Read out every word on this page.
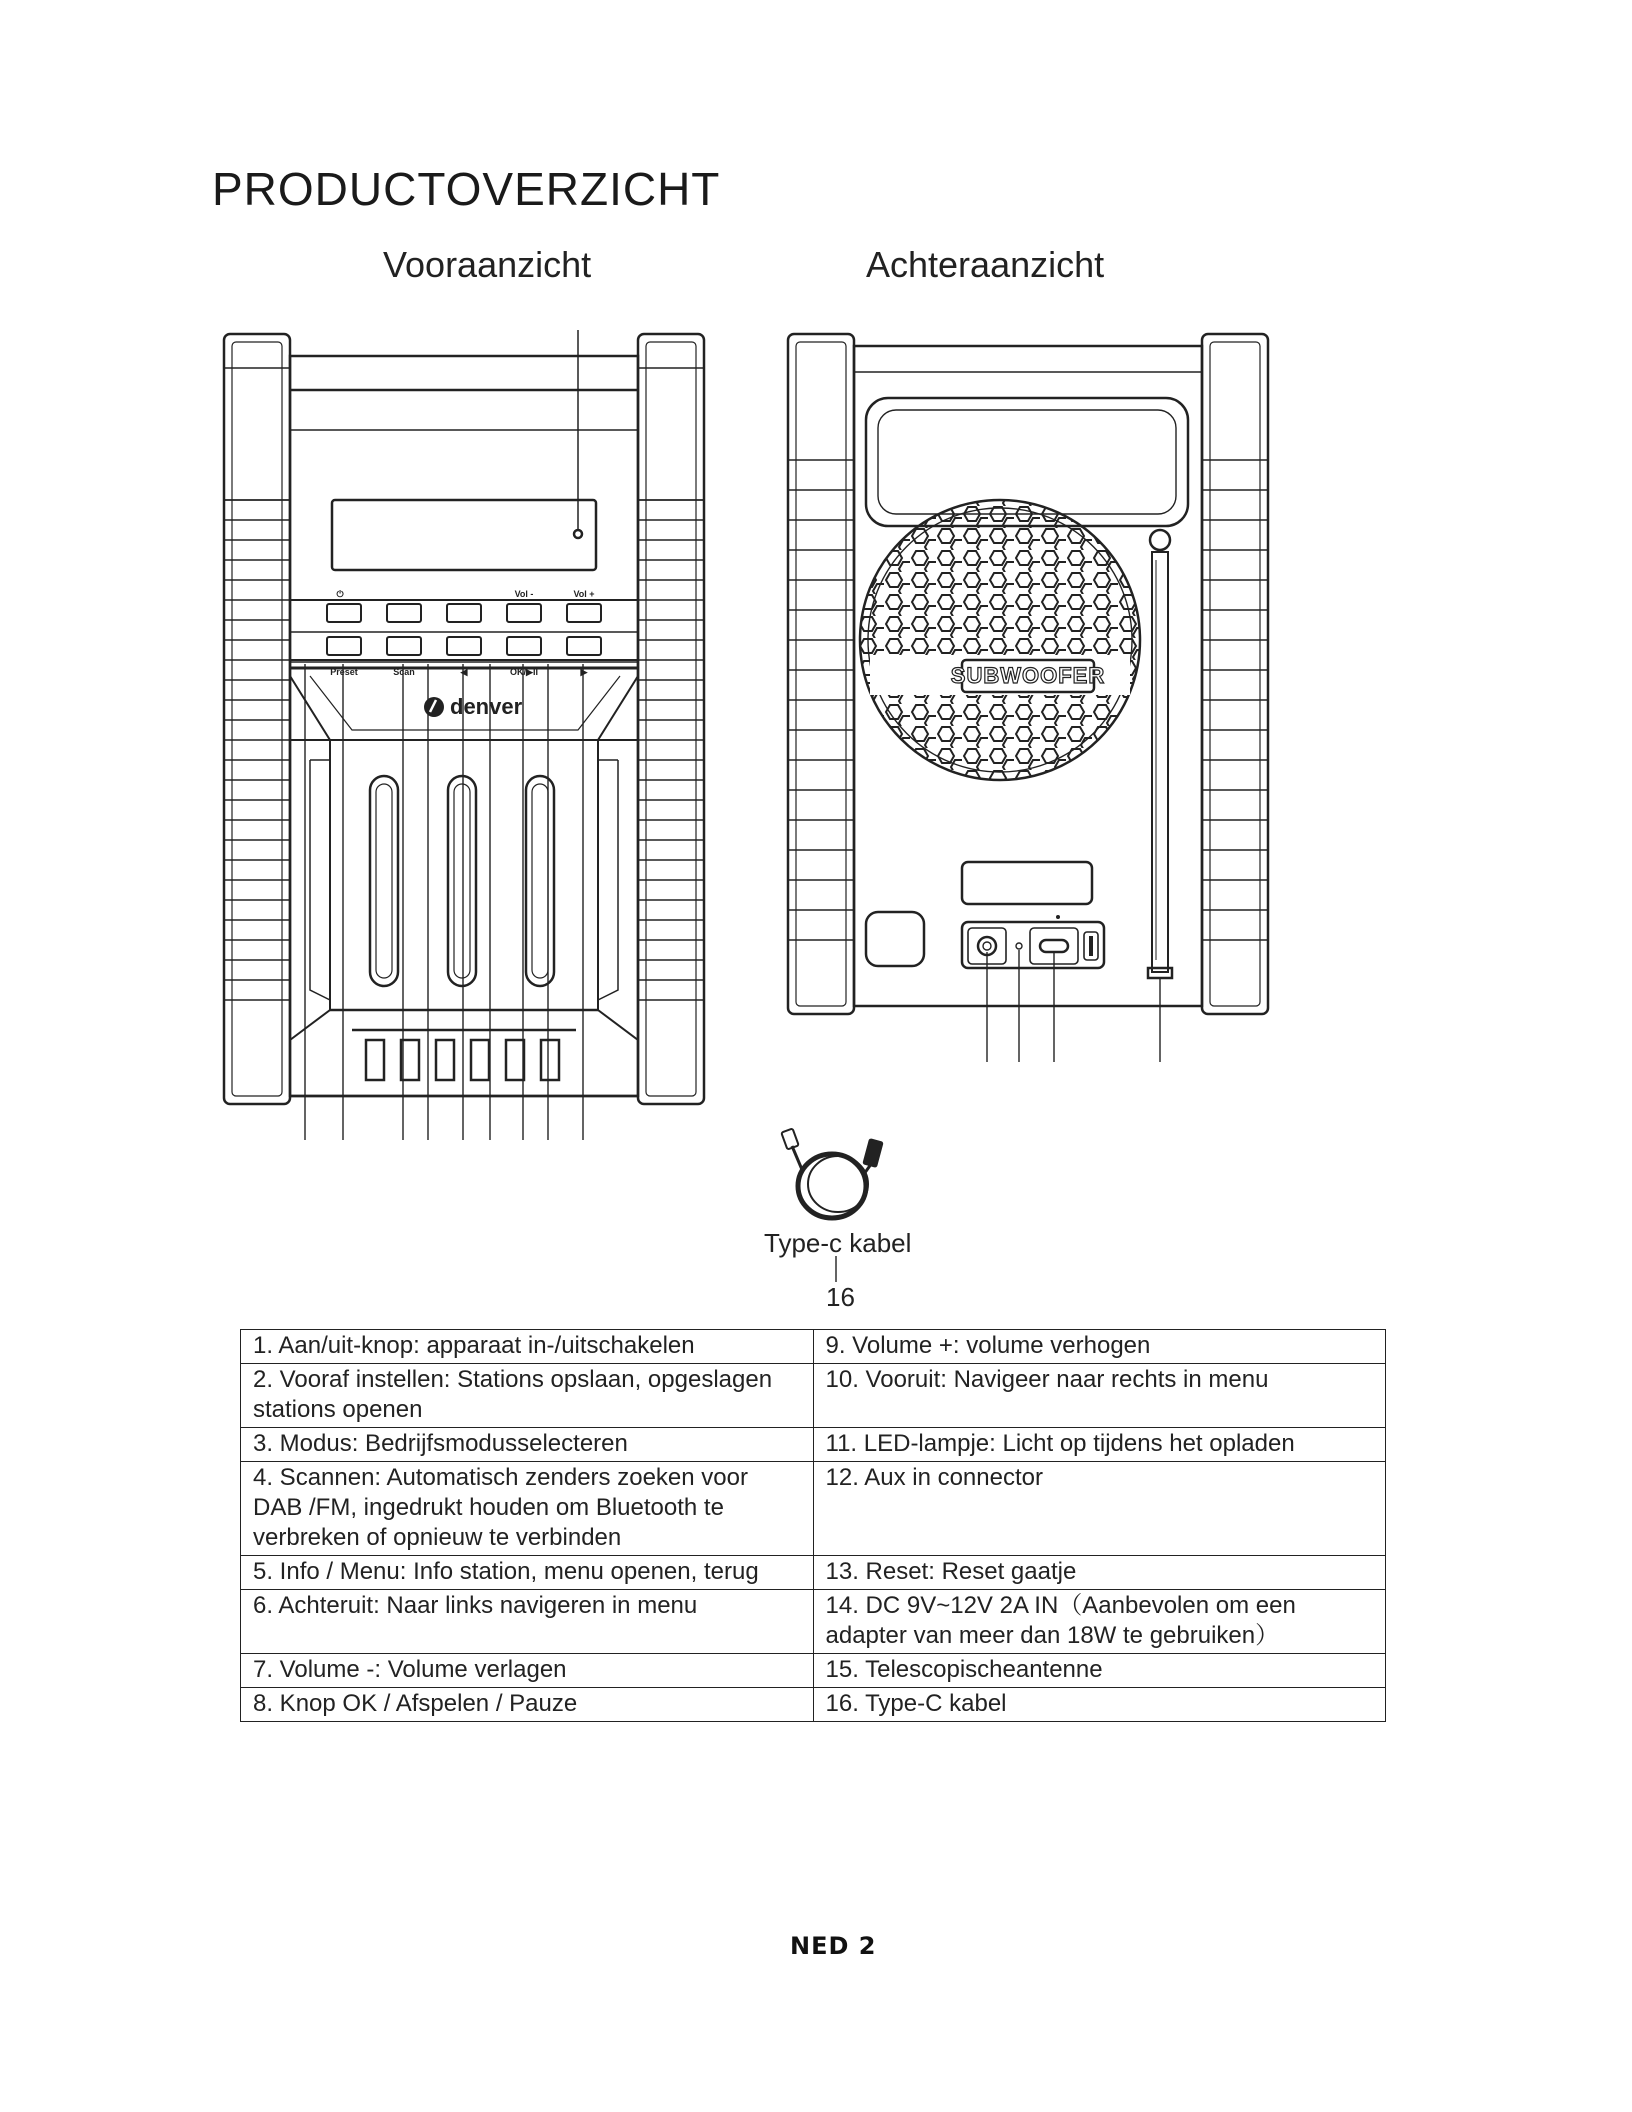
PRODUCTOVERZICHT
Vooraanzicht	Achteraanzicht
⏻	Vol -	Vol +
Preset	Scan	◀	OK/▶II	▶
denver
SUBWOOFER
Type-c kabel
16
1. Aan/uit-knop: apparaat in-/uitschakelen	9. Volume +: volume verhogen
2. Vooraf instellen: Stations opslaan, opgeslagen stations openen	10. Vooruit: Navigeer naar rechts in menu
3. Modus: Bedrijfsmodusselecteren	11. LED-lampje: Licht op tijdens het opladen
4. Scannen: Automatisch zenders zoeken voor DAB /FM, ingedrukt houden om Bluetooth te verbreken of opnieuw te verbinden	12. Aux in connector
5. Info / Menu: Info station, menu openen, terug	13. Reset: Reset gaatje
6. Achteruit: Naar links navigeren in menu	14. DC 9V~12V 2A IN（Aanbevolen om een adapter van meer dan 18W te gebruiken）
7. Volume -: Volume verlagen	15. Telescopischeantenne
8. Knop OK / Afspelen / Pauze	16. Type-C kabel
NED 2
